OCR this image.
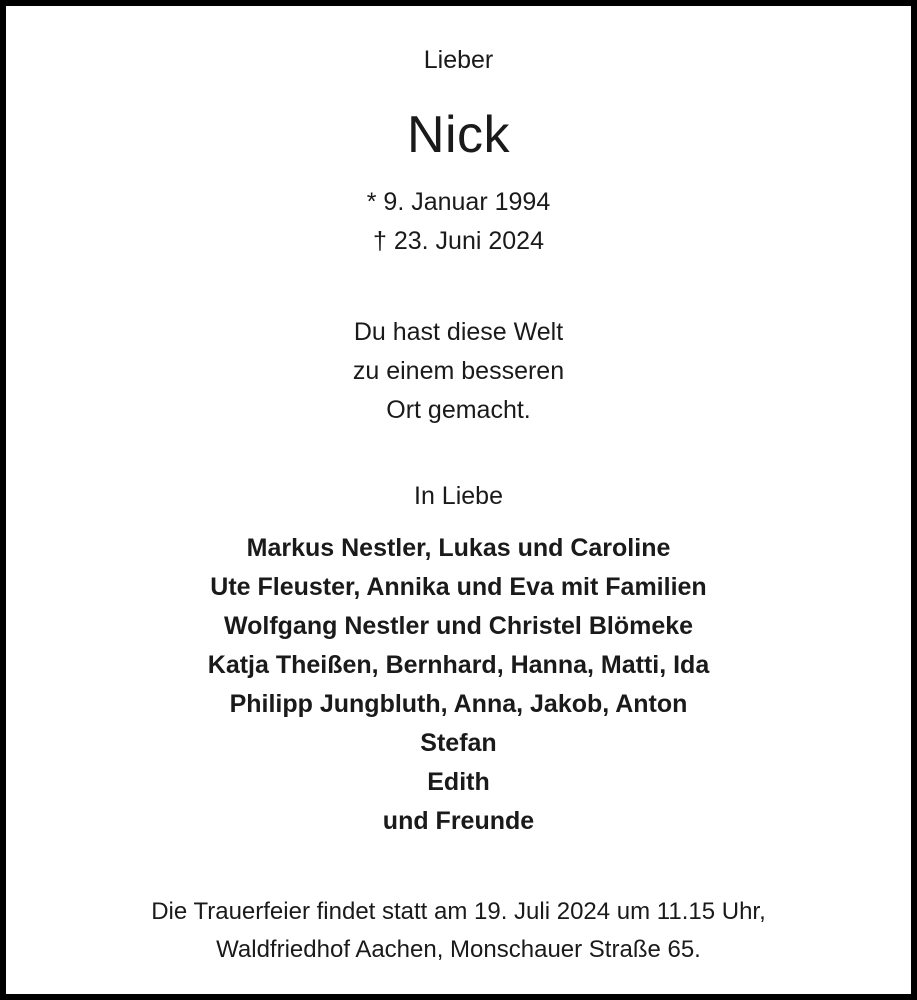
Lieber
Nick
* 9. Januar 1994
† 23. Juni 2024
Du hast diese Welt
zu einem besseren
Ort gemacht.
In Liebe
Markus Nestler, Lukas und Caroline
Ute Fleuster, Annika und Eva mit Familien
Wolfgang Nestler und Christel Blömeke
Katja Theißen, Bernhard, Hanna, Matti, Ida
Philipp Jungbluth, Anna, Jakob, Anton
Stefan
Edith
und Freunde
Die Trauerfeier findet statt am 19. Juli 2024 um 11.15 Uhr,
Waldfriedhof Aachen, Monschauer Straße 65.
